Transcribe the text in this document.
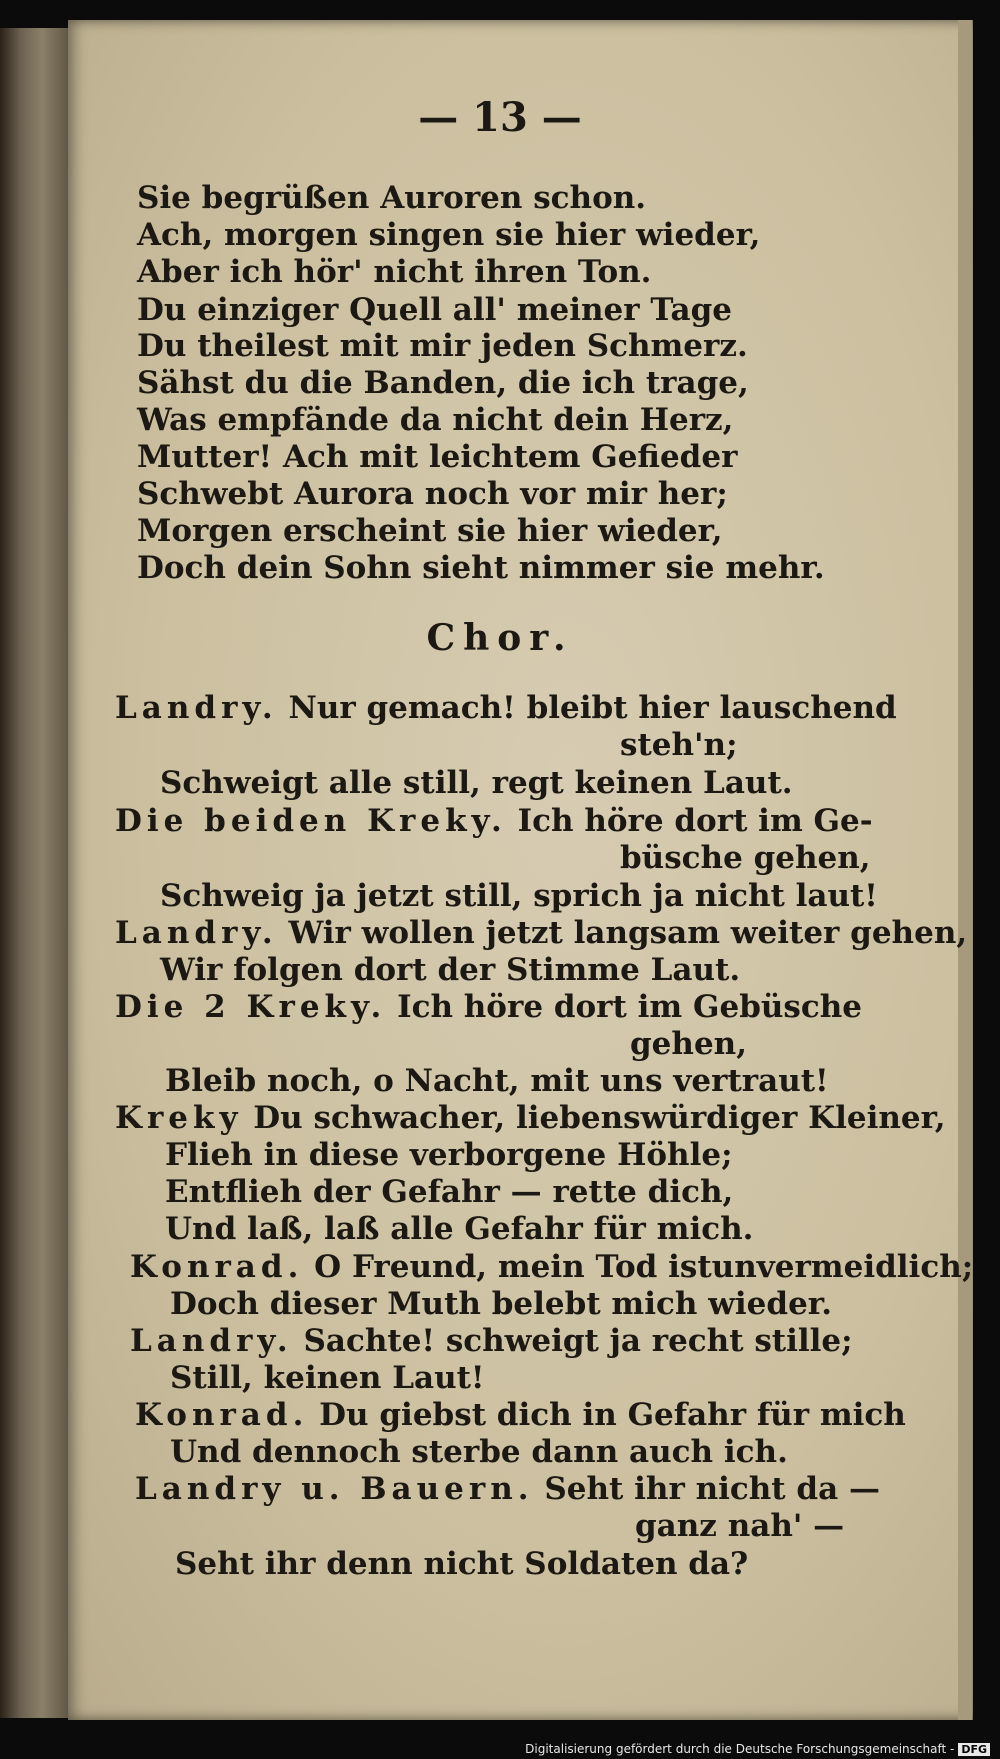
— 13 —
Sie begrüßen Auroren schon.
Ach, morgen singen sie hier wieder,
Aber ich hör' nicht ihren Ton.
Du einziger Quell all' meiner Tage
Du theilest mit mir jeden Schmerz.
Sähst du die Banden, die ich trage,
Was empfände da nicht dein Herz,
Mutter! Ach mit leichtem Gefieder
Schwebt Aurora noch vor mir her;
Morgen erscheint sie hier wieder,
Doch dein Sohn sieht nimmer sie mehr.
Chor.
Landry. Nur gemach! bleibt hier lauschend
steh'n;
Schweigt alle still, regt keinen Laut.
Die beiden Kreky. Ich höre dort im Ge-
büsche gehen,
Schweig ja jetzt still, sprich ja nicht laut!
Landry. Wir wollen jetzt langsam weiter gehen,
Wir folgen dort der Stimme Laut.
Die 2 Kreky. Ich höre dort im Gebüsche
gehen,
Bleib noch, o Nacht, mit uns vertraut!
Kreky Du schwacher, liebenswürdiger Kleiner,
Flieh in diese verborgene Höhle;
Entflieh der Gefahr — rette dich,
Und laß, laß alle Gefahr für mich.
Konrad. O Freund, mein Tod istunvermeidlich;
Doch dieser Muth belebt mich wieder.
Landry. Sachte! schweigt ja recht stille;
Still, keinen Laut!
Konrad. Du giebst dich in Gefahr für mich
Und dennoch sterbe dann auch ich.
Landry u. Bauern. Seht ihr nicht da —
ganz nah' —
Seht ihr denn nicht Soldaten da?
Digitalisierung gefördert durch die Deutsche Forschungsgemeinschaft - DFG
